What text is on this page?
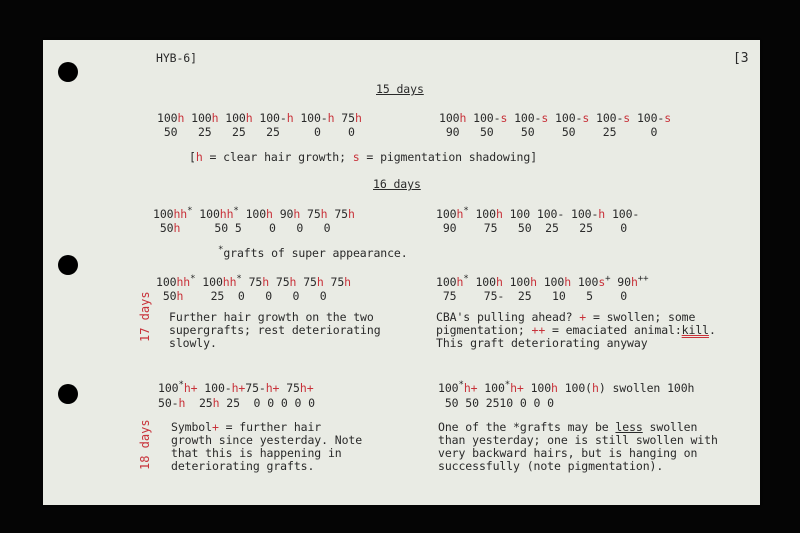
HYB-6]	[3
15 days
100h 100h 100h 100-h 100-h 75h
50   25   25   25     0    0
100h 100-s 100-s 100-s 100-s 100-s
90   50    50    50    25     0
[h = clear hair growth; s = pigmentation shadowing]
16 days
100hh* 100hh* 100h 90h 75h 75h
50h     50 5    0   0   0
100h* 100h 100 100- 100-h 100-
90    75   50  25   25    0
*grafts of super appearance.
17 days
100hh* 100hh* 75h 75h 75h 75h
50h    25  0   0   0   0
100h* 100h 100h 100h 100s+ 90h++
75    75-  25   10   5    0
Further hair growth on the two
supergrafts; rest deteriorating
slowly.
CBA's pulling ahead? + = swollen; some
pigmentation; ++ = emaciated animal:kill.
This graft deteriorating anyway
18 days
100*h+ 100-h+75-h+ 75h+
50-h  25h 25  0 0 0 0 0
100*h+ 100*h+ 100h 100(h) swollen 100h
50 50 2510 0 0 0
Symbol+ = further hair
growth since yesterday. Note
that this is happening in
deteriorating grafts.
One of the *grafts may be less swollen
than yesterday; one is still swollen with
very backward hairs, but is hanging on
successfully (note pigmentation).
